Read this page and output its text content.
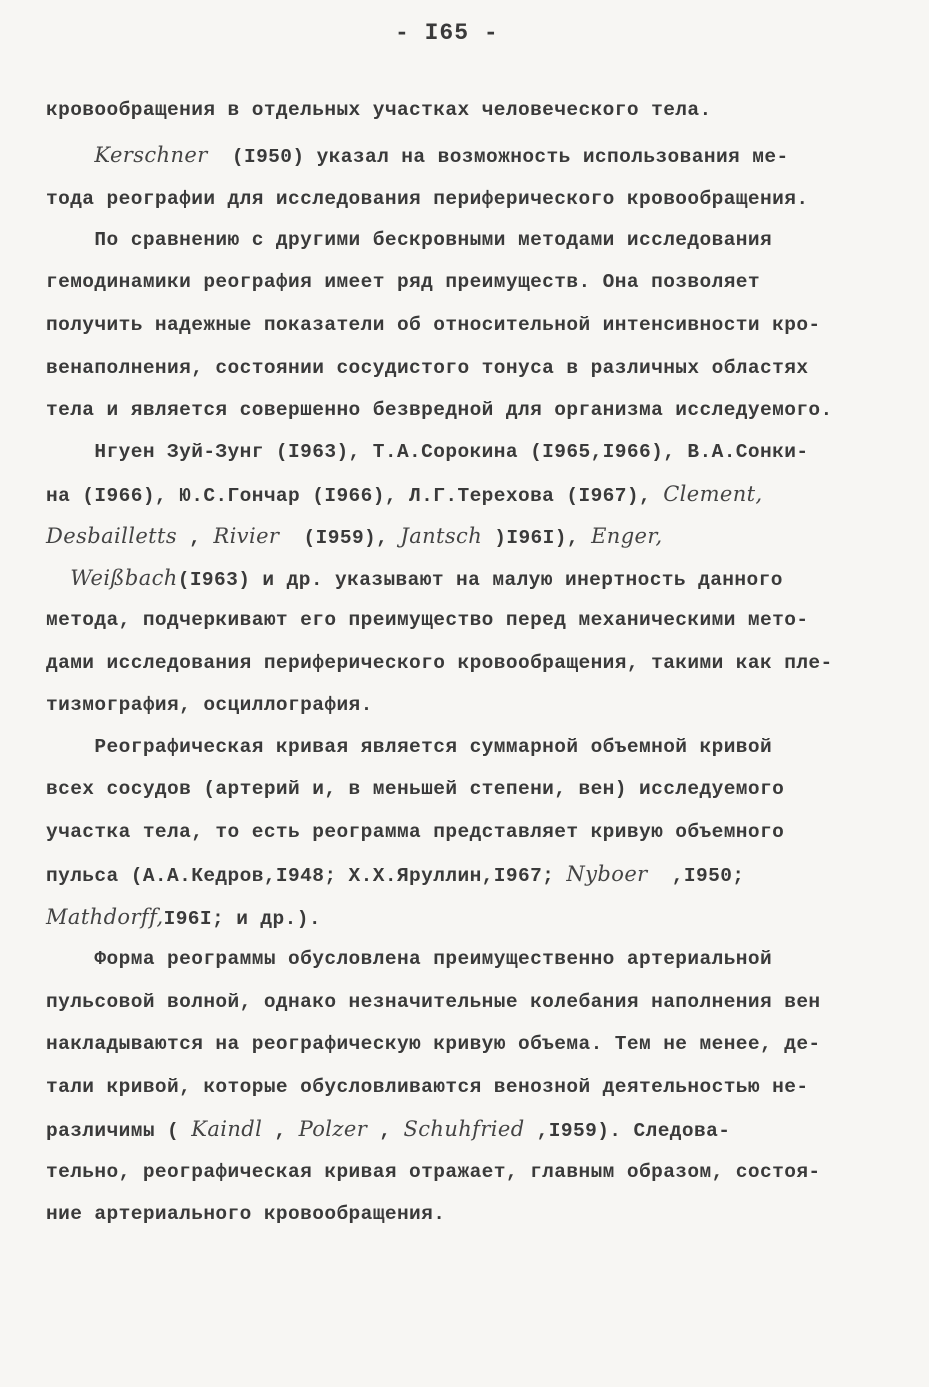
- I65 -
кровообращения в отдельных участках человеческого тела.
Kerschner  (I950) указал на возможность использования ме-
тода реографии для исследования периферического кровообращения.
По сравнению с другими бескровными методами исследования
гемодинамики реография имеет ряд преимуществ. Она позволяет
получить надежные показатели об относительной интенсивности кро-
венаполнения, состоянии сосудистого тонуса в различных областях
тела и является совершенно безвредной для организма исследуемого.
Нгуен Зуй-Зунг (I963), Т.А.Сорокина (I965,I966), В.А.Сонки-
на (I966), Ю.С.Гончар (I966), Л.Г.Терехова (I967), Clement,
Desbailletts , Rivier  (I959), Jantsch )I96I), Enger,
Weißbach(I963) и др. указывают на малую инертность данного
метода, подчеркивают его преимущество перед механическими мето-
дами исследования периферического кровообращения, такими как пле-
тизмография, осциллография.
Реографическая кривая является суммарной объемной кривой
всех сосудов (артерий и, в меньшей степени, вен) исследуемого
участка тела, то есть реограмма представляет кривую объемного
пульса (А.А.Кедров,I948; Х.Х.Яруллин,I967; Nyboer  ,I950;
Mathdorff,I96I; и др.).
Форма реограммы обусловлена преимущественно артериальной
пульсовой волной, однако незначительные колебания наполнения вен
накладываются на реографическую кривую объема. Тем не менее, де-
тали кривой, которые обусловливаются венозной деятельностью не-
различимы ( Kaindl , Polzer , Schuhfried ,I959). Следова-
тельно, реографическая кривая отражает, главным образом, состоя-
ние артериального кровообращения.
